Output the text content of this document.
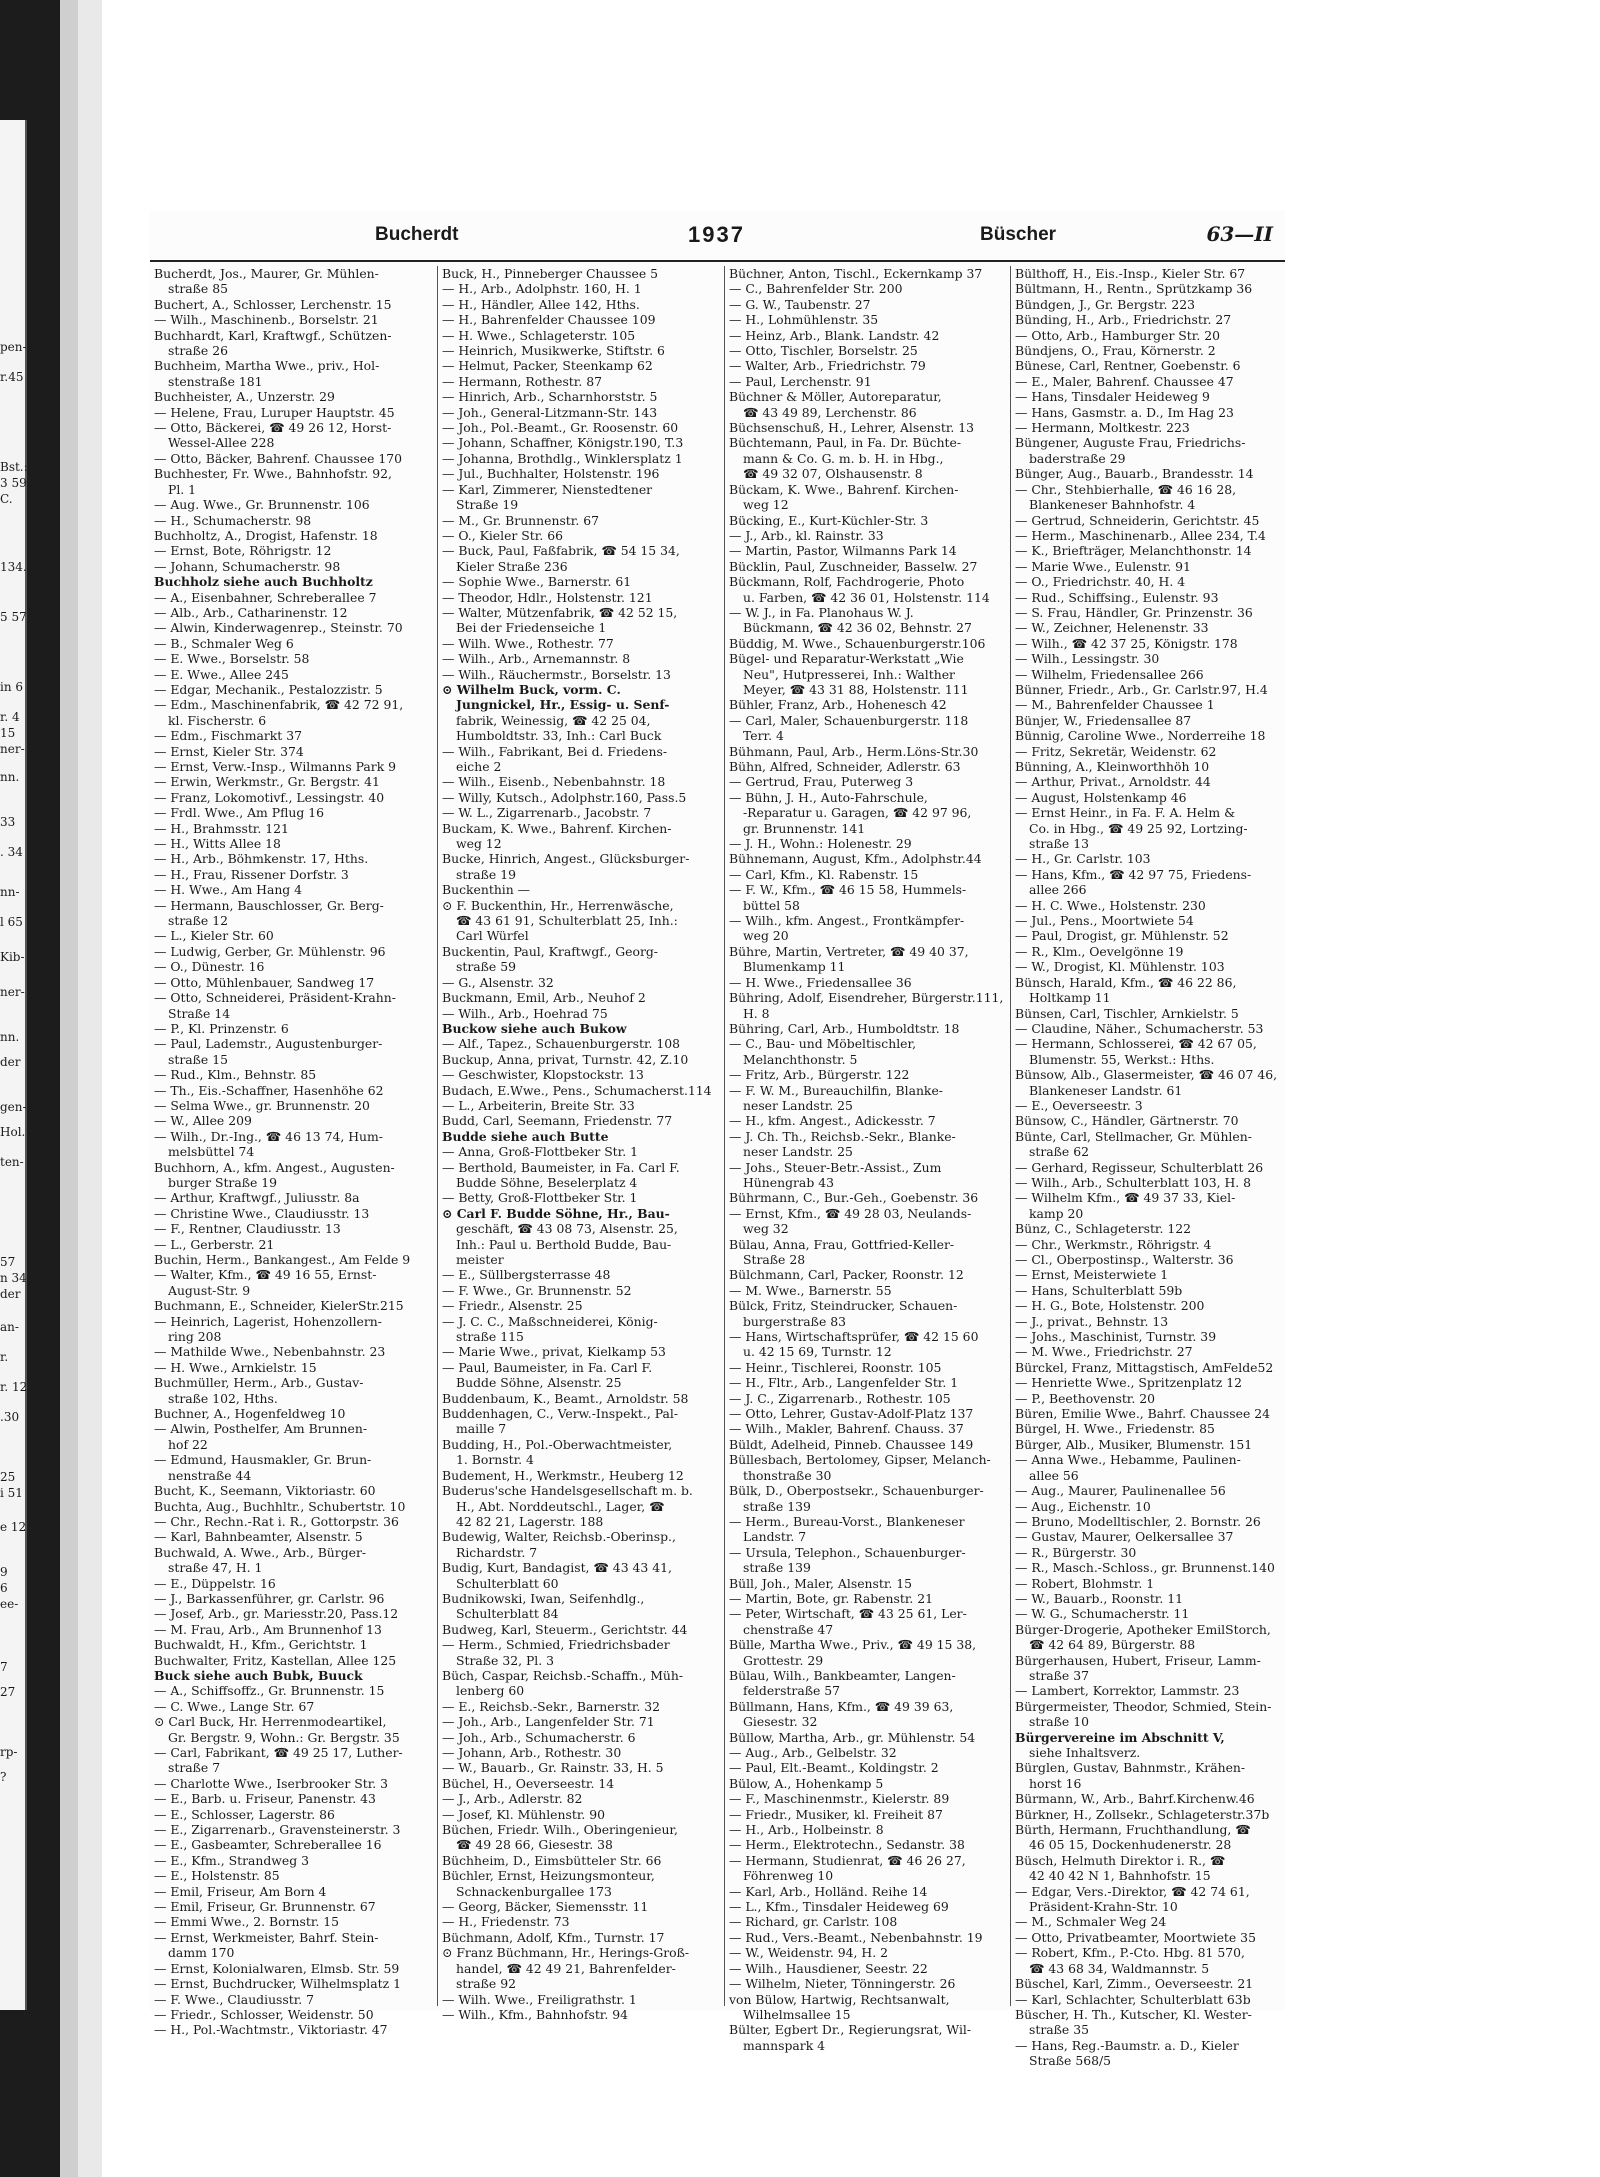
pen-
r.45
Bst.:
3 59.
C.
134.
5 57.
in 6
r. 4
15
ner-
nn.
33
. 34
nn-
l 65
Kib-
ner-
nn.
der
gen-
Hol.
ten-
57
n 34
der
an-
r.
r. 12
.30
25
i 51
e 12
9
6
ee-
7
27
rp-
?
Bucherdt	1937	Büscher	63—II
Bucherdt, Jos., Maurer, Gr. Mühlen-
straße 85
Buchert, A., Schlosser, Lerchenstr. 15
— Wilh., Maschinenb., Borselstr. 21
Buchhardt, Karl, Kraftwgf., Schützen-
straße 26
Buchheim, Martha Wwe., priv., Hol-
stenstraße 181
Buchheister, A., Unzerstr. 29
— Helene, Frau, Luruper Hauptstr. 45
— Otto, Bäckerei, ☎ 49 26 12, Horst-
Wessel-Allee 228
— Otto, Bäcker, Bahrenf. Chaussee 170
Buchhester, Fr. Wwe., Bahnhofstr. 92,
Pl. 1
— Aug. Wwe., Gr. Brunnenstr. 106
— H., Schumacherstr. 98
Buchholtz, A., Drogist, Hafenstr. 18
— Ernst, Bote, Röhrigstr. 12
— Johann, Schumacherstr. 98
Buchholz siehe auch Buchholtz
— A., Eisenbahner, Schreberallee 7
— Alb., Arb., Catharinenstr. 12
— Alwin, Kinderwagenrep., Steinstr. 70
— B., Schmaler Weg 6
— E. Wwe., Borselstr. 58
— E. Wwe., Allee 245
— Edgar, Mechanik., Pestalozzistr. 5
— Edm., Maschinenfabrik, ☎ 42 72 91,
kl. Fischerstr. 6
— Edm., Fischmarkt 37
— Ernst, Kieler Str. 374
— Ernst, Verw.-Insp., Wilmanns Park 9
— Erwin, Werkmstr., Gr. Bergstr. 41
— Franz, Lokomotivf., Lessingstr. 40
— Frdl. Wwe., Am Pflug 16
— H., Brahmsstr. 121
— H., Witts Allee 18
— H., Arb., Böhmkenstr. 17, Hths.
— H., Frau, Rissener Dorfstr. 3
— H. Wwe., Am Hang 4
— Hermann, Bauschlosser, Gr. Berg-
straße 12
— L., Kieler Str. 60
— Ludwig, Gerber, Gr. Mühlenstr. 96
— O., Dünestr. 16
— Otto, Mühlenbauer, Sandweg 17
— Otto, Schneiderei, Präsident-Krahn-
Straße 14
— P., Kl. Prinzenstr. 6
— Paul, Lademstr., Augustenburger-
straße 15
— Rud., Klm., Behnstr. 85
— Th., Eis.-Schaffner, Hasenhöhe 62
— Selma Wwe., gr. Brunnenstr. 20
— W., Allee 209
— Wilh., Dr.-Ing., ☎ 46 13 74, Hum-
melsbüttel 74
Buchhorn, A., kfm. Angest., Augusten-
burger Straße 19
— Arthur, Kraftwgf., Juliusstr. 8a
— Christine Wwe., Claudiusstr. 13
— F., Rentner, Claudiusstr. 13
— L., Gerberstr. 21
Buchin, Herm., Bankangest., Am Felde 9
— Walter, Kfm., ☎ 49 16 55, Ernst-
August-Str. 9
Buchmann, E., Schneider, KielerStr.215
— Heinrich, Lagerist, Hohenzollern-
ring 208
— Mathilde Wwe., Nebenbahnstr. 23
— H. Wwe., Arnkielstr. 15
Buchmüller, Herm., Arb., Gustav-
straße 102, Hths.
Buchner, A., Hogenfeldweg 10
— Alwin, Posthelfer, Am Brunnen-
hof 22
— Edmund, Hausmakler, Gr. Brun-
nenstraße 44
Bucht, K., Seemann, Viktoriastr. 60
Buchta, Aug., Buchhltr., Schubertstr. 10
— Chr., Rechn.-Rat i. R., Gottorpstr. 36
— Karl, Bahnbeamter, Alsenstr. 5
Buchwald, A. Wwe., Arb., Bürger-
straße 47, H. 1
— E., Düppelstr. 16
— J., Barkassenführer, gr. Carlstr. 96
— Josef, Arb., gr. Mariesstr.20, Pass.12
— M. Frau, Arb., Am Brunnenhof 13
Buchwaldt, H., Kfm., Gerichtstr. 1
Buchwalter, Fritz, Kastellan, Allee 125
Buck siehe auch Bubk, Buuck
— A., Schiffsoffz., Gr. Brunnenstr. 15
— C. Wwe., Lange Str. 67
⊙ Carl Buck, Hr. Herrenmodeartikel,
Gr. Bergstr. 9, Wohn.: Gr. Bergstr. 35
— Carl, Fabrikant, ☎ 49 25 17, Luther-
straße 7
— Charlotte Wwe., Iserbrooker Str. 3
— E., Barb. u. Friseur, Panenstr. 43
— E., Schlosser, Lagerstr. 86
— E., Zigarrenarb., Gravensteinerstr. 3
— E., Gasbeamter, Schreberallee 16
— E., Kfm., Strandweg 3
— E., Holstenstr. 85
— Emil, Friseur, Am Born 4
— Emil, Friseur, Gr. Brunnenstr. 67
— Emmi Wwe., 2. Bornstr. 15
— Ernst, Werkmeister, Bahrf. Stein-
damm 170
— Ernst, Kolonialwaren, Elmsb. Str. 59
— Ernst, Buchdrucker, Wilhelmsplatz 1
— F. Wwe., Claudiusstr. 7
— Friedr., Schlosser, Weidenstr. 50
— H., Pol.-Wachtmstr., Viktoriastr. 47
Buck, H., Pinneberger Chaussee 5
— H., Arb., Adolphstr. 160, H. 1
— H., Händler, Allee 142, Hths.
— H., Bahrenfelder Chaussee 109
— H. Wwe., Schlageterstr. 105
— Heinrich, Musikwerke, Stiftstr. 6
— Helmut, Packer, Steenkamp 62
— Hermann, Rothestr. 87
— Hinrich, Arb., Scharnhorststr. 5
— Joh., General-Litzmann-Str. 143
— Joh., Pol.-Beamt., Gr. Roosenstr. 60
— Johann, Schaffner, Königstr.190, T.3
— Johanna, Brothdlg., Winklersplatz 1
— Jul., Buchhalter, Holstenstr. 196
— Karl, Zimmerer, Nienstedtener
Straße 19
— M., Gr. Brunnenstr. 67
— O., Kieler Str. 66
— Buck, Paul, Faßfabrik, ☎ 54 15 34,
Kieler Straße 236
— Sophie Wwe., Barnerstr. 61
— Theodor, Hdlr., Holstenstr. 121
— Walter, Mützenfabrik, ☎ 42 52 15,
Bei der Friedenseiche 1
— Wilh. Wwe., Rothestr. 77
— Wilh., Arb., Arnemannstr. 8
— Wilh., Räuchermstr., Borselstr. 13
⊙ Wilhelm Buck, vorm. C.
Jungnickel, Hr., Essig- u. Senf-
fabrik, Weinessig, ☎ 42 25 04,
Humboldtstr. 33, Inh.: Carl Buck
— Wilh., Fabrikant, Bei d. Friedens-
eiche 2
— Wilh., Eisenb., Nebenbahnstr. 18
— Willy, Kutsch., Adolphstr.160, Pass.5
— W. L., Zigarrenarb., Jacobstr. 7
Buckam, K. Wwe., Bahrenf. Kirchen-
weg 12
Bucke, Hinrich, Angest., Glücksburger-
straße 19
Buckenthin —
⊙ F. Buckenthin, Hr., Herrenwäsche,
☎ 43 61 91, Schulterblatt 25, Inh.:
Carl Würfel
Buckentin, Paul, Kraftwgf., Georg-
straße 59
— G., Alsenstr. 32
Buckmann, Emil, Arb., Neuhof 2
— Wilh., Arb., Hoehrad 75
Buckow siehe auch Bukow
— Alf., Tapez., Schauenburgerstr. 108
Buckup, Anna, privat, Turnstr. 42, Z.10
— Geschwister, Klopstockstr. 13
Budach, E.Wwe., Pens., Schumacherst.114
— L., Arbeiterin, Breite Str. 33
Budd, Carl, Seemann, Friedenstr. 77
Budde siehe auch Butte
— Anna, Groß-Flottbeker Str. 1
— Berthold, Baumeister, in Fa. Carl F.
Budde Söhne, Beselerplatz 4
— Betty, Groß-Flottbeker Str. 1
⊙ Carl F. Budde Söhne, Hr., Bau-
geschäft, ☎ 43 08 73, Alsenstr. 25,
Inh.: Paul u. Berthold Budde, Bau-
meister
— E., Süllbergsterrasse 48
— F. Wwe., Gr. Brunnenstr. 52
— Friedr., Alsenstr. 25
— J. C. C., Maßschneiderei, König-
straße 115
— Marie Wwe., privat, Kielkamp 53
— Paul, Baumeister, in Fa. Carl F.
Budde Söhne, Alsenstr. 25
Buddenbaum, K., Beamt., Arnoldstr. 58
Buddenhagen, C., Verw.-Inspekt., Pal-
maille 7
Budding, H., Pol.-Oberwachtmeister,
1. Bornstr. 4
Budement, H., Werkmstr., Heuberg 12
Buderus'sche Handelsgesellschaft m. b.
H., Abt. Norddeutschl., Lager, ☎
42 82 21, Lagerstr. 188
Budewig, Walter, Reichsb.-Oberinsp.,
Richardstr. 7
Budig, Kurt, Bandagist, ☎ 43 43 41,
Schulterblatt 60
Budnikowski, Iwan, Seifenhdlg.,
Schulterblatt 84
Budweg, Karl, Steuerm., Gerichtstr. 44
— Herm., Schmied, Friedrichsbader
Straße 32, Pl. 3
Büch, Caspar, Reichsb.-Schaffn., Müh-
lenberg 60
— E., Reichsb.-Sekr., Barnerstr. 32
— Joh., Arb., Langenfelder Str. 71
— Joh., Arb., Schumacherstr. 6
— Johann, Arb., Rothestr. 30
— W., Bauarb., Gr. Rainstr. 33, H. 5
Büchel, H., Oeverseestr. 14
— J., Arb., Adlerstr. 82
— Josef, Kl. Mühlenstr. 90
Büchen, Friedr. Wilh., Oberingenieur,
☎ 49 28 66, Giesestr. 38
Büchheim, D., Eimsbütteler Str. 66
Büchler, Ernst, Heizungsmonteur,
Schnackenburgallee 173
— Georg, Bäcker, Siemensstr. 11
— H., Friedenstr. 73
Büchmann, Adolf, Kfm., Turnstr. 17
⊙ Franz Büchmann, Hr., Herings-Groß-
handel, ☎ 42 49 21, Bahrenfelder-
straße 92
— Wilh. Wwe., Freiligrathstr. 1
— Wilh., Kfm., Bahnhofstr. 94
Büchner, Anton, Tischl., Eckernkamp 37
— C., Bahrenfelder Str. 200
— G. W., Taubenstr. 27
— H., Lohmühlenstr. 35
— Heinz, Arb., Blank. Landstr. 42
— Otto, Tischler, Borselstr. 25
— Walter, Arb., Friedrichstr. 79
— Paul, Lerchenstr. 91
Büchner & Möller, Autoreparatur,
☎ 43 49 89, Lerchenstr. 86
Büchsenschuß, H., Lehrer, Alsenstr. 13
Büchtemann, Paul, in Fa. Dr. Büchte-
mann & Co. G. m. b. H. in Hbg.,
☎ 49 32 07, Olshausenstr. 8
Bückam, K. Wwe., Bahrenf. Kirchen-
weg 12
Bücking, E., Kurt-Küchler-Str. 3
— J., Arb., kl. Rainstr. 33
— Martin, Pastor, Wilmanns Park 14
Bücklin, Paul, Zuschneider, Basselw. 27
Bückmann, Rolf, Fachdrogerie, Photo
u. Farben, ☎ 42 36 01, Holstenstr. 114
— W. J., in Fa. Planohaus W. J.
Bückmann, ☎ 42 36 02, Behnstr. 27
Büddig, M. Wwe., Schauenburgerstr.106
Bügel- und Reparatur-Werkstatt „Wie
Neu", Hutpresserei, Inh.: Walther
Meyer, ☎ 43 31 88, Holstenstr. 111
Bühler, Franz, Arb., Hohenesch 42
— Carl, Maler, Schauenburgerstr. 118
Terr. 4
Bühmann, Paul, Arb., Herm.Löns-Str.30
Bühn, Alfred, Schneider, Adlerstr. 63
— Gertrud, Frau, Puterweg 3
— Bühn, J. H., Auto-Fahrschule,
-Reparatur u. Garagen, ☎ 42 97 96,
gr. Brunnenstr. 141
— J. H., Wohn.: Holenestr. 29
Bühnemann, August, Kfm., Adolphstr.44
— Carl, Kfm., Kl. Rabenstr. 15
— F. W., Kfm., ☎ 46 15 58, Hummels-
büttel 58
— Wilh., kfm. Angest., Frontkämpfer-
weg 20
Bühre, Martin, Vertreter, ☎ 49 40 37,
Blumenkamp 11
— H. Wwe., Friedensallee 36
Bühring, Adolf, Eisendreher, Bürgerstr.111,
H. 8
Bühring, Carl, Arb., Humboldtstr. 18
— C., Bau- und Möbeltischler,
Melanchthonstr. 5
— Fritz, Arb., Bürgerstr. 122
— F. W. M., Bureauchilfin, Blanke-
neser Landstr. 25
— H., kfm. Angest., Adickesstr. 7
— J. Ch. Th., Reichsb.-Sekr., Blanke-
neser Landstr. 25
— Johs., Steuer-Betr.-Assist., Zum
Hünengrab 43
Bührmann, C., Bur.-Geh., Goebenstr. 36
— Ernst, Kfm., ☎ 49 28 03, Neulands-
weg 32
Bülau, Anna, Frau, Gottfried-Keller-
Straße 28
Bülchmann, Carl, Packer, Roonstr. 12
— M. Wwe., Barnerstr. 55
Bülck, Fritz, Steindrucker, Schauen-
burgerstraße 83
— Hans, Wirtschaftsprüfer, ☎ 42 15 60
u. 42 15 69, Turnstr. 12
— Heinr., Tischlerei, Roonstr. 105
— H., Fltr., Arb., Langenfelder Str. 1
— J. C., Zigarrenarb., Rothestr. 105
— Otto, Lehrer, Gustav-Adolf-Platz 137
— Wilh., Makler, Bahrenf. Chauss. 37
Büldt, Adelheid, Pinneb. Chaussee 149
Büllesbach, Bertolomey, Gipser, Melanch-
thonstraße 30
Bülk, D., Oberpostsekr., Schauenburger-
straße 139
— Herm., Bureau-Vorst., Blankeneser
Landstr. 7
— Ursula, Telephon., Schauenburger-
straße 139
Büll, Joh., Maler, Alsenstr. 15
— Martin, Bote, gr. Rabenstr. 21
— Peter, Wirtschaft, ☎ 43 25 61, Ler-
chenstraße 47
Bülle, Martha Wwe., Priv., ☎ 49 15 38,
Grottestr. 29
Bülau, Wilh., Bankbeamter, Langen-
felderstraße 57
Büllmann, Hans, Kfm., ☎ 49 39 63,
Giesestr. 32
Büllow, Martha, Arb., gr. Mühlenstr. 54
— Aug., Arb., Gelbelstr. 32
— Paul, Elt.-Beamt., Koldingstr. 2
Bülow, A., Hohenkamp 5
— F., Maschinenmstr., Kielerstr. 89
— Friedr., Musiker, kl. Freiheit 87
— H., Arb., Holbeinstr. 8
— Herm., Elektrotechn., Sedanstr. 38
— Hermann, Studienrat, ☎ 46 26 27,
Föhrenweg 10
— Karl, Arb., Holländ. Reihe 14
— L., Kfm., Tinsdaler Heideweg 69
— Richard, gr. Carlstr. 108
— Rud., Vers.-Beamt., Nebenbahnstr. 19
— W., Weidenstr. 94, H. 2
— Wilh., Hausdiener, Seestr. 22
— Wilhelm, Nieter, Tönningerstr. 26
von Bülow, Hartwig, Rechtsanwalt,
Wilhelmsallee 15
Bülter, Egbert Dr., Regierungsrat, Wil-
mannspark 4
Bülthoff, H., Eis.-Insp., Kieler Str. 67
Bültmann, H., Rentn., Sprützkamp 36
Bündgen, J., Gr. Bergstr. 223
Bünding, H., Arb., Friedrichstr. 27
— Otto, Arb., Hamburger Str. 20
Bündjens, O., Frau, Körnerstr. 2
Bünese, Carl, Rentner, Goebenstr. 6
— E., Maler, Bahrenf. Chaussee 47
— Hans, Tinsdaler Heideweg 9
— Hans, Gasmstr. a. D., Im Hag 23
— Hermann, Moltkestr. 223
Büngener, Auguste Frau, Friedrichs-
baderstraße 29
Bünger, Aug., Bauarb., Brandesstr. 14
— Chr., Stehbierhalle, ☎ 46 16 28,
Blankeneser Bahnhofstr. 4
— Gertrud, Schneiderin, Gerichtstr. 45
— Herm., Maschinenarb., Allee 234, T.4
— K., Briefträger, Melanchthonstr. 14
— Marie Wwe., Eulenstr. 91
— O., Friedrichstr. 40, H. 4
— Rud., Schiffsing., Eulenstr. 93
— S. Frau, Händler, Gr. Prinzenstr. 36
— W., Zeichner, Helenenstr. 33
— Wilh., ☎ 42 37 25, Königstr. 178
— Wilh., Lessingstr. 30
— Wilhelm, Friedensallee 266
Bünner, Friedr., Arb., Gr. Carlstr.97, H.4
— M., Bahrenfelder Chaussee 1
Bünjer, W., Friedensallee 87
Bünnig, Caroline Wwe., Norderreihe 18
— Fritz, Sekretär, Weidenstr. 62
Bünning, A., Kleinworthhöh 10
— Arthur, Privat., Arnoldstr. 44
— August, Holstenkamp 46
— Ernst Heinr., in Fa. F. A. Helm &
Co. in Hbg., ☎ 49 25 92, Lortzing-
straße 13
— H., Gr. Carlstr. 103
— Hans, Kfm., ☎ 42 97 75, Friedens-
allee 266
— H. C. Wwe., Holstenstr. 230
— Jul., Pens., Moortwiete 54
— Paul, Drogist, gr. Mühlenstr. 52
— R., Klm., Oevelgönne 19
— W., Drogist, Kl. Mühlenstr. 103
Bünsch, Harald, Kfm., ☎ 46 22 86,
Holtkamp 11
Bünsen, Carl, Tischler, Arnkielstr. 5
— Claudine, Näher., Schumacherstr. 53
— Hermann, Schlosserei, ☎ 42 67 05,
Blumenstr. 55, Werkst.: Hths.
Bünsow, Alb., Glasermeister, ☎ 46 07 46,
Blankeneser Landstr. 61
— E., Oeverseestr. 3
Bünsow, C., Händler, Gärtnerstr. 70
Bünte, Carl, Stellmacher, Gr. Mühlen-
straße 62
— Gerhard, Regisseur, Schulterblatt 26
— Wilh., Arb., Schulterblatt 103, H. 8
— Wilhelm Kfm., ☎ 49 37 33, Kiel-
kamp 20
Bünz, C., Schlageterstr. 122
— Chr., Werkmstr., Röhrigstr. 4
— Cl., Oberpostinsp., Walterstr. 36
— Ernst, Meisterwiete 1
— Hans, Schulterblatt 59b
— H. G., Bote, Holstenstr. 200
— J., privat., Behnstr. 13
— Johs., Maschinist, Turnstr. 39
— M. Wwe., Friedrichstr. 27
Bürckel, Franz, Mittagstisch, AmFelde52
— Henriette Wwe., Spritzenplatz 12
— P., Beethovenstr. 20
Büren, Emilie Wwe., Bahrf. Chaussee 24
Bürgel, H. Wwe., Friedenstr. 85
Bürger, Alb., Musiker, Blumenstr. 151
— Anna Wwe., Hebamme, Paulinen-
allee 56
— Aug., Maurer, Paulinenallee 56
— Aug., Eichenstr. 10
— Bruno, Modelltischler, 2. Bornstr. 26
— Gustav, Maurer, Oelkersallee 37
— R., Bürgerstr. 30
— R., Masch.-Schloss., gr. Brunnenst.140
— Robert, Blohmstr. 1
— W., Bauarb., Roonstr. 11
— W. G., Schumacherstr. 11
Bürger-Drogerie, Apotheker EmilStorch,
☎ 42 64 89, Bürgerstr. 88
Bürgerhausen, Hubert, Friseur, Lamm-
straße 37
— Lambert, Korrektor, Lammstr. 23
Bürgermeister, Theodor, Schmied, Stein-
straße 10
Bürgervereine im Abschnitt V,
siehe Inhaltsverz.
Bürglen, Gustav, Bahnmstr., Krähen-
horst 16
Bürmann, W., Arb., Bahrf.Kirchenw.46
Bürkner, H., Zollsekr., Schlageterstr.37b
Bürth, Hermann, Fruchthandlung, ☎
46 05 15, Dockenhudenerstr. 28
Büsch, Helmuth Direktor i. R., ☎
42 40 42 N 1, Bahnhofstr. 15
— Edgar, Vers.-Direktor, ☎ 42 74 61,
Präsident-Krahn-Str. 10
— M., Schmaler Weg 24
— Otto, Privatbeamter, Moortwiete 35
— Robert, Kfm., P.-Cto. Hbg. 81 570,
☎ 43 68 34, Waldmannstr. 5
Büschel, Karl, Zimm., Oeverseestr. 21
— Karl, Schlachter, Schulterblatt 63b
Büscher, H. Th., Kutscher, Kl. Wester-
straße 35
— Hans, Reg.-Baumstr. a. D., Kieler
Straße 568/5
